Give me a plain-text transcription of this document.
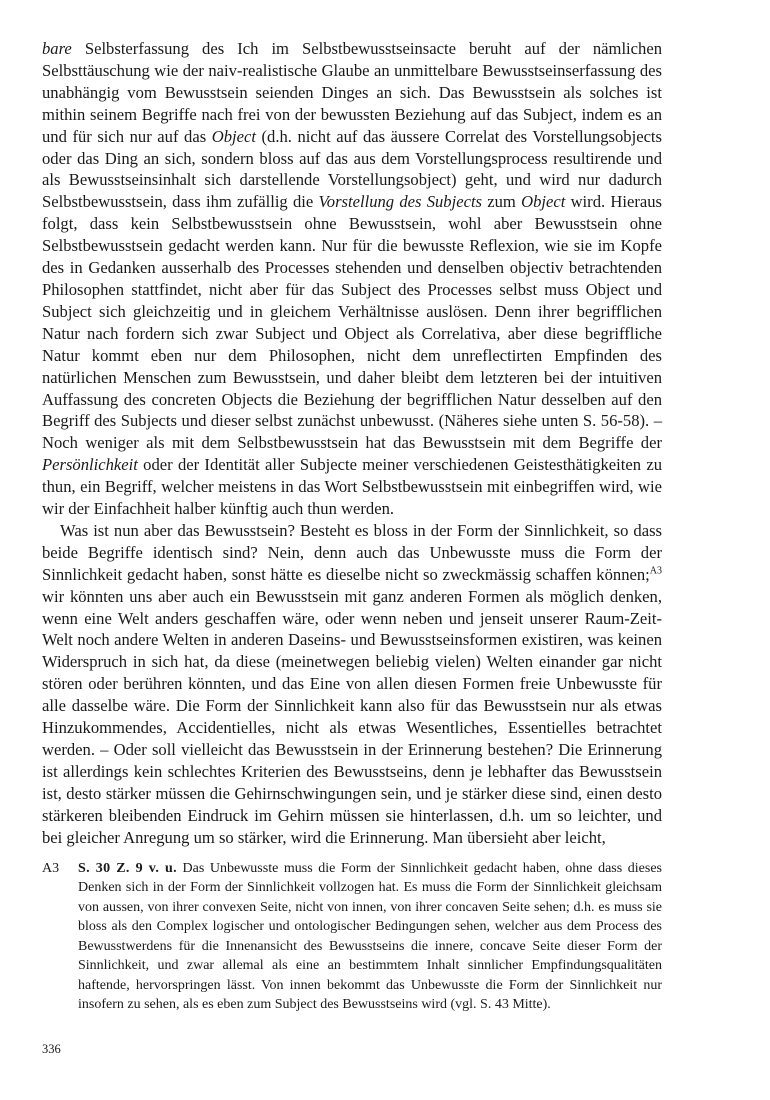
bare Selbsterfassung des Ich im Selbstbewusstseinsacte beruht auf der nämlichen Selbsttäuschung wie der naiv-realistische Glaube an unmittelbare Bewusstseinserfassung des unabhängig vom Bewusstsein seienden Dinges an sich. Das Bewusstsein als solches ist mithin seinem Begriffe nach frei von der bewussten Beziehung auf das Subject, indem es an und für sich nur auf das Object (d.h. nicht auf das äussere Correlat des Vorstellungsobjects oder das Ding an sich, sondern bloss auf das aus dem Vorstellungsprocess resultirende und als Bewusstseinsinhalt sich darstellende Vorstellungsobject) geht, und wird nur dadurch Selbstbewusstsein, dass ihm zufällig die Vorstellung des Subjects zum Object wird. Hieraus folgt, dass kein Selbstbewusstsein ohne Bewusstsein, wohl aber Bewusstsein ohne Selbstbewusstsein gedacht werden kann. Nur für die bewusste Reflexion, wie sie im Kopfe des in Gedanken ausserhalb des Processes stehenden und denselben objectiv betrachtenden Philosophen stattfindet, nicht aber für das Subject des Processes selbst muss Object und Subject sich gleichzeitig und in gleichem Verhältnisse auslösen. Denn ihrer begrifflichen Natur nach fordern sich zwar Subject und Object als Correlativa, aber diese begriffliche Natur kommt eben nur dem Philosophen, nicht dem unreflectirten Empfinden des natürlichen Menschen zum Bewusstsein, und daher bleibt dem letzteren bei der intuitiven Auffassung des concreten Objects die Beziehung der begrifflichen Natur desselben auf den Begriff des Subjects und dieser selbst zunächst unbewusst. (Näheres siehe unten S. 56-58). – Noch weniger als mit dem Selbstbewusstsein hat das Bewusstsein mit dem Begriffe der Persönlichkeit oder der Identität aller Subjecte meiner verschiedenen Geistesthätigkeiten zu thun, ein Begriff, welcher meistens in das Wort Selbstbewusstsein mit einbegriffen wird, wie wir der Einfachheit halber künftig auch thun werden.

Was ist nun aber das Bewusstsein? Besteht es bloss in der Form der Sinnlichkeit, so dass beide Begriffe identisch sind? Nein, denn auch das Unbewusste muss die Form der Sinnlichkeit gedacht haben, sonst hätte es dieselbe nicht so zweckmässig schaffen können;$^{A3}$ wir könnten uns aber auch ein Bewusstsein mit ganz anderen Formen als möglich denken, wenn eine Welt anders geschaffen wäre, oder wenn neben und jenseit unserer Raum-Zeit-Welt noch andere Welten in anderen Daseins- und Bewusstseinsformen existiren, was keinen Widerspruch in sich hat, da diese (meinetwegen beliebig vielen) Welten einander gar nicht stören oder berühren könnten, und das Eine von allen diesen Formen freie Unbewusste für alle dasselbe wäre. Die Form der Sinnlichkeit kann also für das Bewusstsein nur als etwas Hinzukommendes, Accidentielles, nicht als etwas Wesentliches, Essentielles betrachtet werden. – Oder soll vielleicht das Bewusstsein in der Erinnerung bestehen? Die Erinnerung ist allerdings kein schlechtes Kriterien des Bewusstseins, denn je lebhafter das Bewusstsein ist, desto stärker müssen die Gehirnschwingungen sein, und je stärker diese sind, einen desto stärkeren bleibenden Eindruck im Gehirn müssen sie hinterlassen, d.h. um so leichter, und bei gleicher Anregung um so stärker, wird die Erinnerung. Man übersieht aber leicht,

A3	S. 30 Z. 9 v. u. Das Unbewusste muss die Form der Sinnlichkeit gedacht haben, ohne dass dieses Denken sich in der Form der Sinnlichkeit vollzogen hat. Es muss die Form der Sinnlichkeit gleichsam von aussen, von ihrer convexen Seite, nicht von innen, von ihrer concaven Seite sehen; d.h. es muss sie bloss als den Complex logischer und ontologischer Bedingungen sehen, welcher aus dem Process des Bewusstwerdens für die Innenansicht des Bewusstseins die innere, concave Seite dieser Form der Sinnlichkeit, und zwar allemal als eine an bestimmtem Inhalt sinnlicher Empfindungsqualitäten haftende, hervorspringen lässt. Von innen bekommt das Unbewusste die Form der Sinnlichkeit nur insofern zu sehen, als es eben zum Subject des Bewusstseins wird (vgl. S. 43 Mitte).
336
